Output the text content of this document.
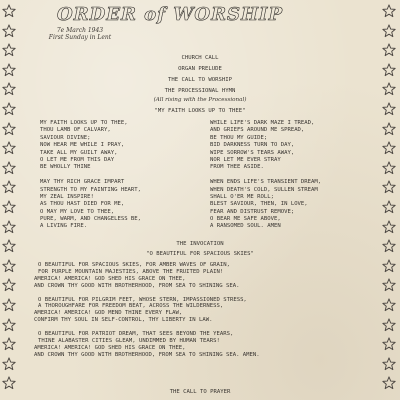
ORDER of WORSHIP
7e March 1943
First Sunday in Lent
CHURCH CALL
ORGAN PRELUDE
THE CALL TO WORSHIP
THE PROCESSIONAL HYMN
(All rising with the Processional)
"MY FAITH LOOKS UP TO THEE"
MY FAITH LOOKS UP TO THEE,
THOU LAMB OF CALVARY,
SAVIOUR DIVINE;
NOW HEAR ME WHILE I PRAY,
TAKE ALL MY GUILT AWAY,
O LET ME FROM THIS DAY
BE WHOLLY THINE
MAY THY RICH GRACE IMPART
STRENGTH TO MY FAINTING HEART,
MY ZEAL INSPIRE!
AS THOU HAST DIED FOR ME,
O MAY MY LOVE TO THEE,
PURE, WARM, AND CHANGELESS BE,
A LIVING FIRE.
WHILE LIFE'S DARK MAZE I TREAD,
AND GRIEFS AROUND ME SPREAD,
BE THOU MY GUIDE;
BID DARKNESS TURN TO DAY,
WIPE SORROW'S TEARS AWAY,
NOR LET ME EVER STRAY
FROM THEE ASIDE.
WHEN ENDS LIFE'S TRANSIENT DREAM,
WHEN DEATH'S COLD, SULLEN STREAM
SHALL O'ER ME ROLL;
BLEST SAVIOUR, THEN, IN LOVE,
FEAR AND DISTRUST REMOVE;
O BEAR ME SAFE ABOVE,
A RANSOMED SOUL. AMEN
THE INVOCATION
"O BEAUTIFUL FOR SPACIOUS SKIES"
O BEAUTIFUL FOR SPACIOUS SKIES, FOR AMBER WAVES OF GRAIN,
FOR PURPLE MOUNTAIN MAJESTIES, ABOVE THE FRUITED PLAIN!
AMERICA! AMERICA! GOD SHED HIS GRACE ON THEE,
AND CROWN THY GOOD WITH BROTHERHOOD, FROM SEA TO SHINING SEA.
O BEAUTIFUL FOR PILGRIM FEET, WHOSE STERN, IMPASSIONED STRESS,
A THOROUGHFARE FOR FREEDOM BEAT, ACROSS THE WILDERNESS,
AMERICA! AMERICA! GOD MEND THINE EVERY FLAW,
CONFIRM THY SOUL IN SELF-CONTROL, THY LIBERTY IN LAW.
O BEAUTIFUL FOR PATRIOT DREAM, THAT SEES BEYOND THE YEARS,
THINE ALABASTER CITIES GLEAM, UNDIMMED BY HUMAN TEARS!
AMERICA! AMERICA! GOD SHED HIS GRACE ON THEE,
AND CROWN THY GOOD WITH BROTHERHOOD, FROM SEA TO SHINING SEA. AMEN.
THE CALL TO PRAYER
